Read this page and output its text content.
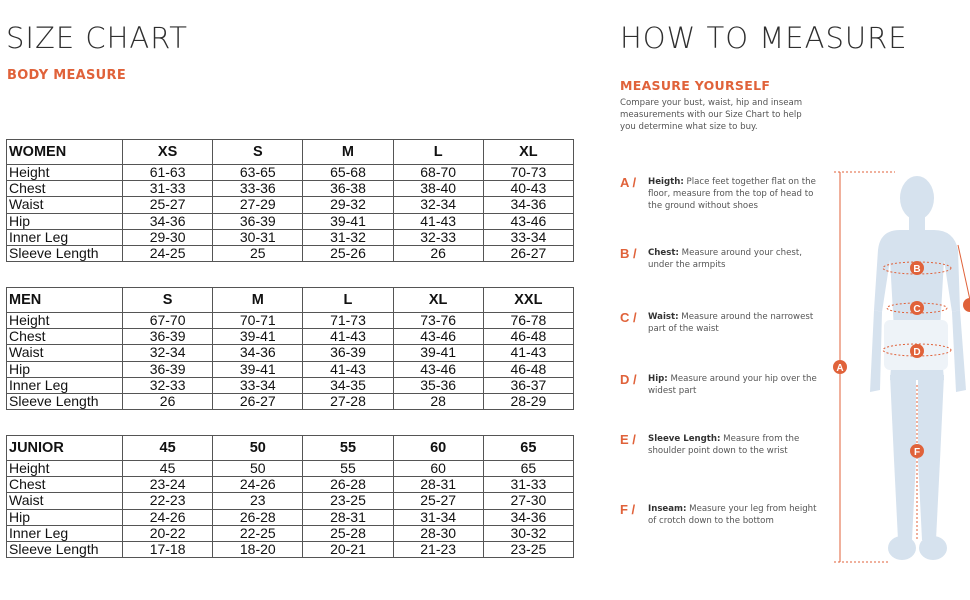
SIZE CHART
BODY MEASURE
WOMEN	XS	S	M	L	XL
Height	61-63	63-65	65-68	68-70	70-73
Chest	31-33	33-36	36-38	38-40	40-43
Waist	25-27	27-29	29-32	32-34	34-36
Hip	34-36	36-39	39-41	41-43	43-46
Inner Leg	29-30	30-31	31-32	32-33	33-34
Sleeve Length	24-25	25	25-26	26	26-27
MEN	S	M	L	XL	XXL
Height	67-70	70-71	71-73	73-76	76-78
Chest	36-39	39-41	41-43	43-46	46-48
Waist	32-34	34-36	36-39	39-41	41-43
Hip	36-39	39-41	41-43	43-46	46-48
Inner Leg	32-33	33-34	34-35	35-36	36-37
Sleeve Length	26	26-27	27-28	28	28-29
JUNIOR	45	50	55	60	65
Height	45	50	55	60	65
Chest	23-24	24-26	26-28	28-31	31-33
Waist	22-23	23	23-25	25-27	27-30
Hip	24-26	26-28	28-31	31-34	34-36
Inner Leg	20-22	22-25	25-28	28-30	30-32
Sleeve Length	17-18	18-20	20-21	21-23	23-25
HOW TO MEASURE
MEASURE YOURSELF
Compare your bust, waist, hip and inseam measurements with our Size Chart to help you determine what size to buy.
A / Heigth: Place feet together flat on the floor, measure from the top of head to the ground without shoes
B / Chest: Measure around your chest, under the armpits
C / Waist: Measure around the narrowest part of the waist
D / Hip: Measure around your hip over the widest part
E / Sleeve Length: Measure from the shoulder point down to the wrist
F / Inseam: Measure your leg from height of crotch down to the bottom
A
B
C
D
F
